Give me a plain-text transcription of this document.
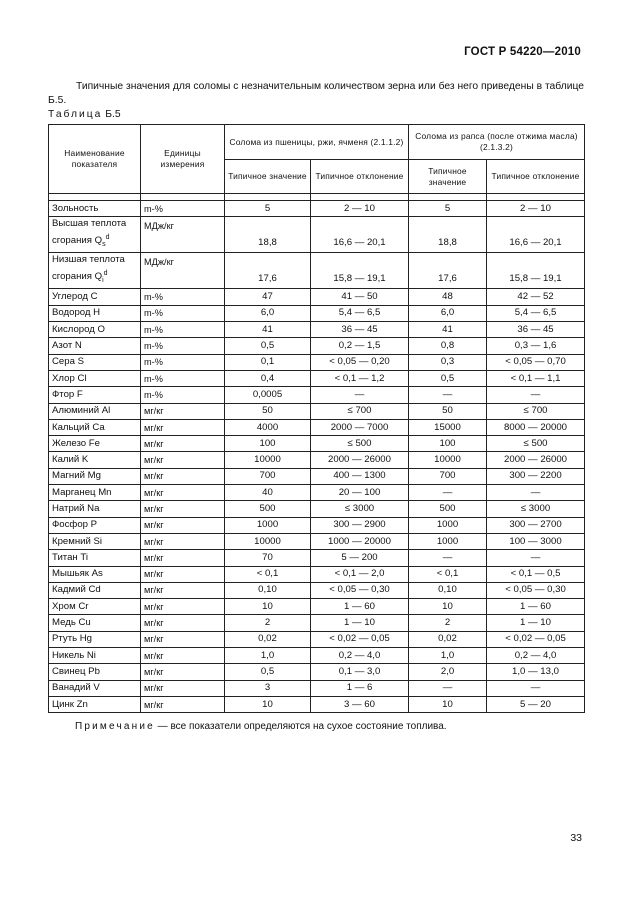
ГОСТ Р 54220—2010
Типичные значения для соломы с незначительным количеством зерна или без него приведены в таблице Б.5.
Таблица Б.5
Наименование показателя	Единицы измерения	Солома из пшеницы, ржи, ячменя (2.1.1.2)		Солома из рапса (после отжима масла) (2.1.3.2)	
		Типичное значение	Типичное отклонение	Типичное значение	Типичное отклонение

Зольность	m-%	5	2 — 10	5	2 — 10
Высшая теплота сгорания $Q_s^d$	МДж/кг	18,8	16,6 — 20,1	18,8	16,6 — 20,1
Низшая теплота сгорания $Q_i^d$	МДж/кг	17,6	15,8 — 19,1	17,6	15,8 — 19,1
Углерод C	m-%	47	41 — 50	48	42 — 52
Водород H	m-%	6,0	5,4 — 6,5	6,0	5,4 — 6,5
Кислород O	m-%	41	36 — 45	41	36 — 45
Азот N	m-%	0,5	0,2 — 1,5	0,8	0,3 — 1,6
Сера S	m-%	0,1	< 0,05 — 0,20	0,3	< 0,05 — 0,70
Хлор Cl	m-%	0,4	< 0,1 — 1,2	0,5	< 0,1 — 1,1
Фтор F	m-%	0,0005	—	—	—
Алюминий Al	мг/кг	50	≤ 700	50	≤ 700
Кальций Ca	мг/кг	4000	2000 — 7000	15000	8000 — 20000
Железо Fe	мг/кг	100	≤ 500	100	≤ 500
Калий K	мг/кг	10000	2000 — 26000	10000	2000 — 26000
Магний Mg	мг/кг	700	400 — 1300	700	300 — 2200
Марганец Mn	мг/кг	40	20 — 100	—	—
Натрий Na	мг/кг	500	≤ 3000	500	≤ 3000
Фосфор P	мг/кг	1000	300 — 2900	1000	300 — 2700
Кремний Si	мг/кг	10000	1000 — 20000	1000	100 — 3000
Титан Ti	мг/кг	70	5 — 200	—	—
Мышьяк As	мг/кг	< 0,1	< 0,1 — 2,0	< 0,1	< 0,1 — 0,5
Кадмий Cd	мг/кг	0,10	< 0,05 — 0,30	0,10	< 0,05 — 0,30
Хром Cr	мг/кг	10	1 — 60	10	1 — 60
Медь Cu	мг/кг	2	1 — 10	2	1 — 10
Ртуть Hg	мг/кг	0,02	< 0,02 — 0,05	0,02	< 0,02 — 0,05
Никель Ni	мг/кг	1,0	0,2 — 4,0	1,0	0,2 — 4,0
Свинец Pb	мг/кг	0,5	0,1 — 3,0	2,0	1,0 — 13,0
Ванадий V	мг/кг	3	1 — 6	—	—
Цинк Zn	мг/кг	10	3 — 60	10	5 — 20
Примечание — все показатели определяются на сухое состояние топлива.
33
